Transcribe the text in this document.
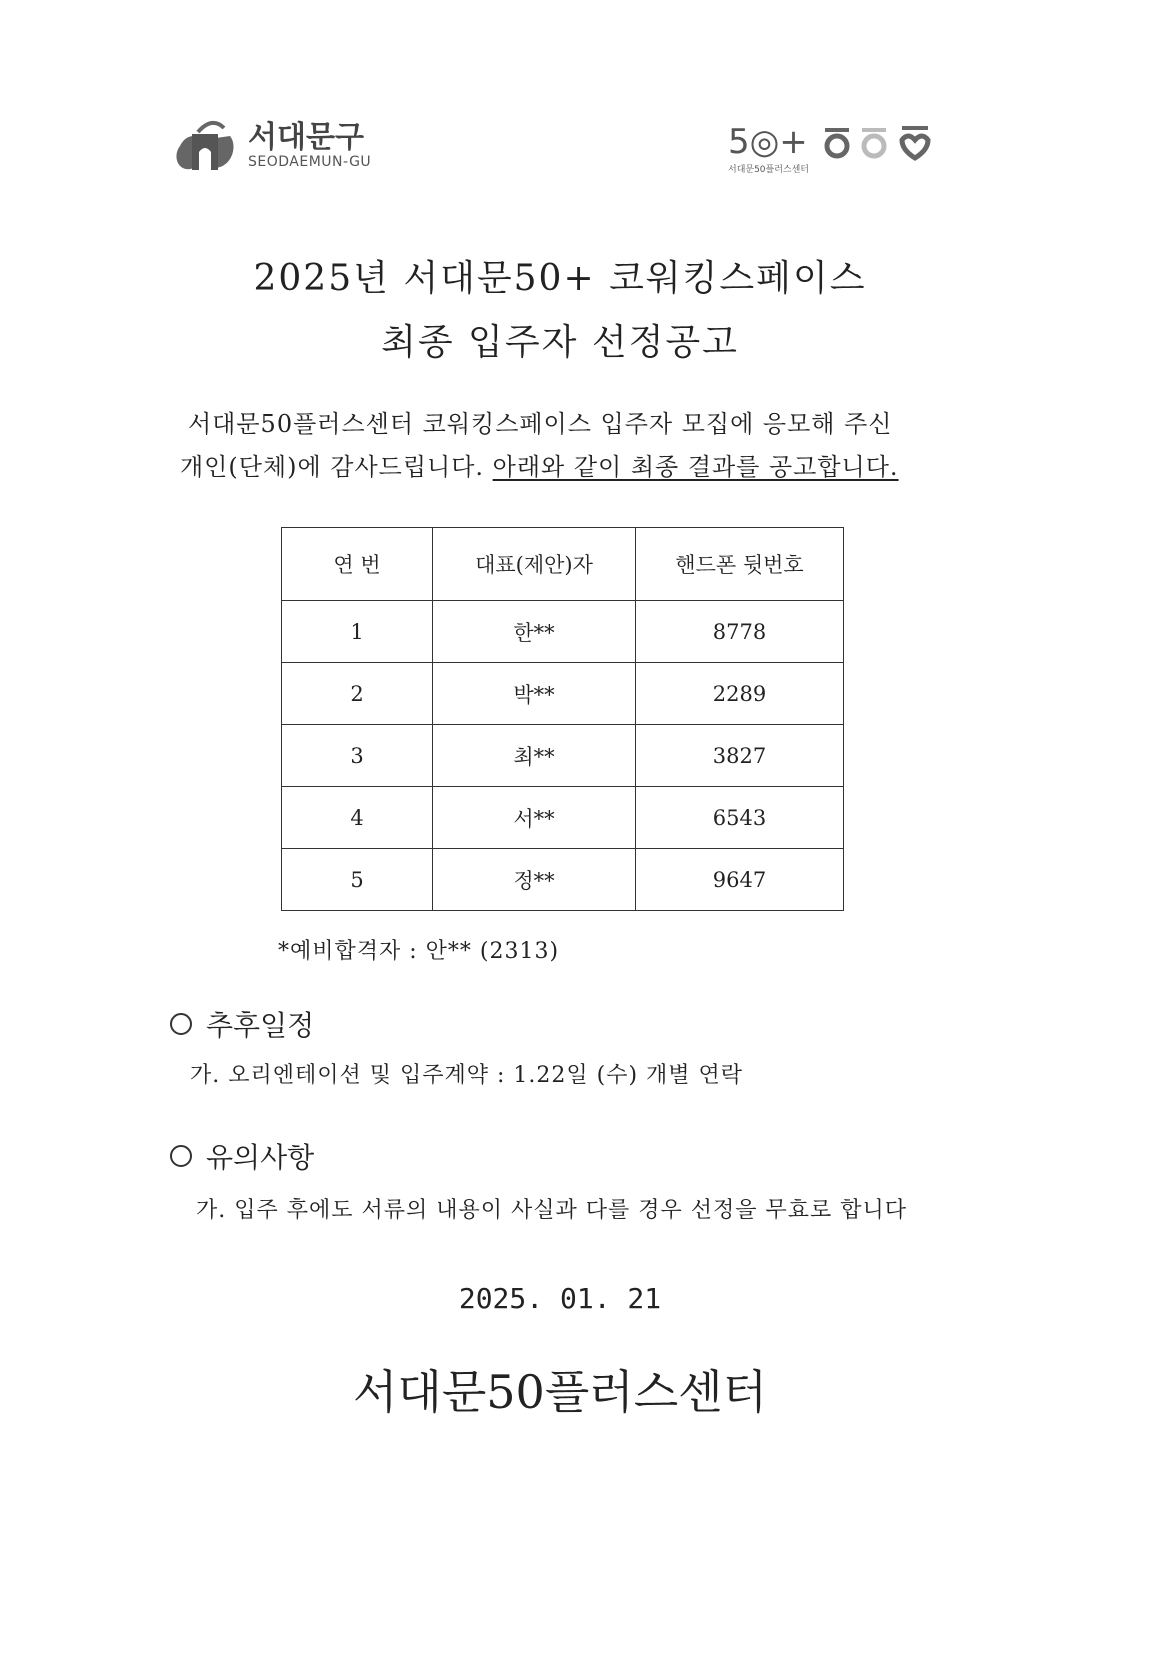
서대문구
SEODAEMUN-GU	5◎+
서대문50플러스센터
2025년 서대문50+ 코워킹스페이스
최종 입주자 선정공고
서대문50플러스센터 코워킹스페이스 입주자 모집에 응모해 주신
개인(단체)에 감사드립니다. 아래와 같이 최종 결과를 공고합니다.
연 번	대표(제안)자	핸드폰 뒷번호
1	한**	8778
2	박**	2289
3	최**	3827
4	서**	6543
5	정**	9647
*예비합격자 : 안** (2313)
추후일정
가. 오리엔테이션 및 입주계약 : 1.22일 (수) 개별 연락
유의사항
가. 입주 후에도 서류의 내용이 사실과 다를 경우 선정을 무효로 합니다
2025. 01. 21
서대문50플러스센터
